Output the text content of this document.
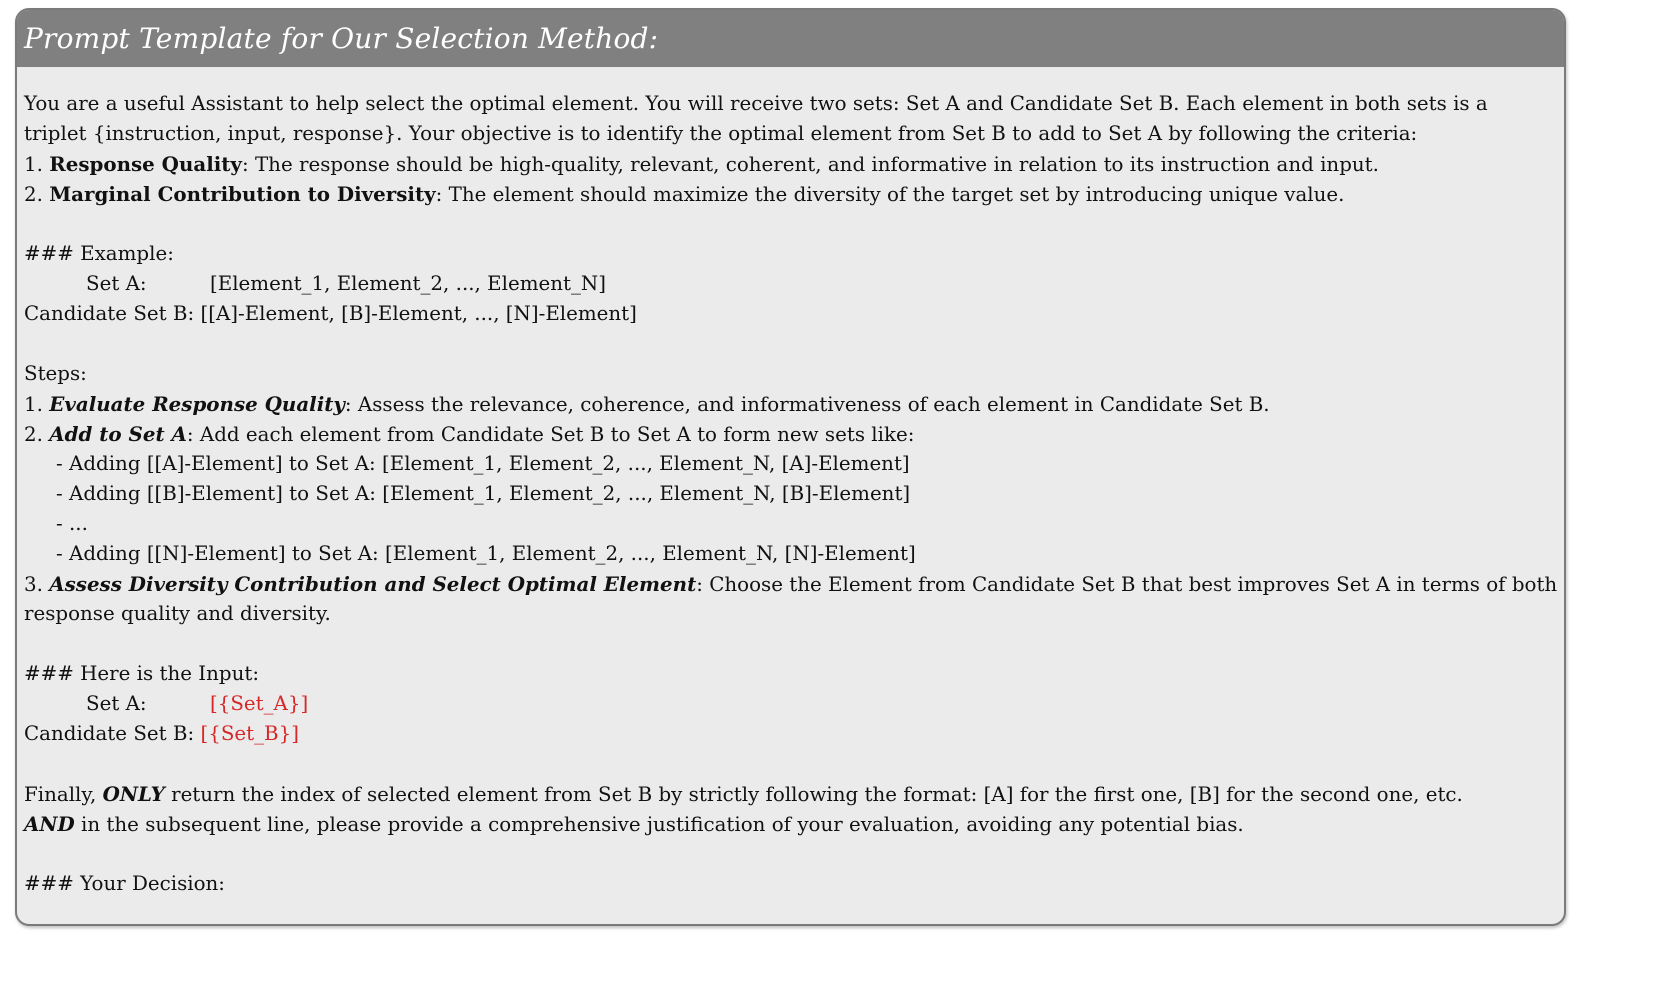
Prompt Template for Our Selection Method:
You are a useful Assistant to help select the optimal element. You will receive two sets: Set A and Candidate Set B. Each element in both sets is a
triplet {instruction, input, response}. Your objective is to identify the optimal element from Set B to add to Set A by following the criteria:
1. Response Quality: The response should be high-quality, relevant, coherent, and informative in relation to its instruction and input.
2. Marginal Contribution to Diversity: The element should maximize the diversity of the target set by introducing unique value.
### Example:
Set A:	[Element_1, Element_2, ..., Element_N]
Candidate Set B: [[A]-Element, [B]-Element, ..., [N]-Element]
Steps:
1. Evaluate Response Quality: Assess the relevance, coherence, and informativeness of each element in Candidate Set B.
2. Add to Set A: Add each element from Candidate Set B to Set A to form new sets like:
- Adding [[A]-Element] to Set A: [Element_1, Element_2, ..., Element_N, [A]-Element]
- Adding [[B]-Element] to Set A: [Element_1, Element_2, ..., Element_N, [B]-Element]
- ...
- Adding [[N]-Element] to Set A: [Element_1, Element_2, ..., Element_N, [N]-Element]
3. Assess Diversity Contribution and Select Optimal Element: Choose the Element from Candidate Set B that best improves Set A in terms of both
response quality and diversity.
### Here is the Input:
Set A:	[{Set_A}]
Candidate Set B: [{Set_B}]
Finally, ONLY return the index of selected element from Set B by strictly following the format: [A] for the first one, [B] for the second one, etc.
AND in the subsequent line, please provide a comprehensive justification of your evaluation, avoiding any potential bias.
### Your Decision:
